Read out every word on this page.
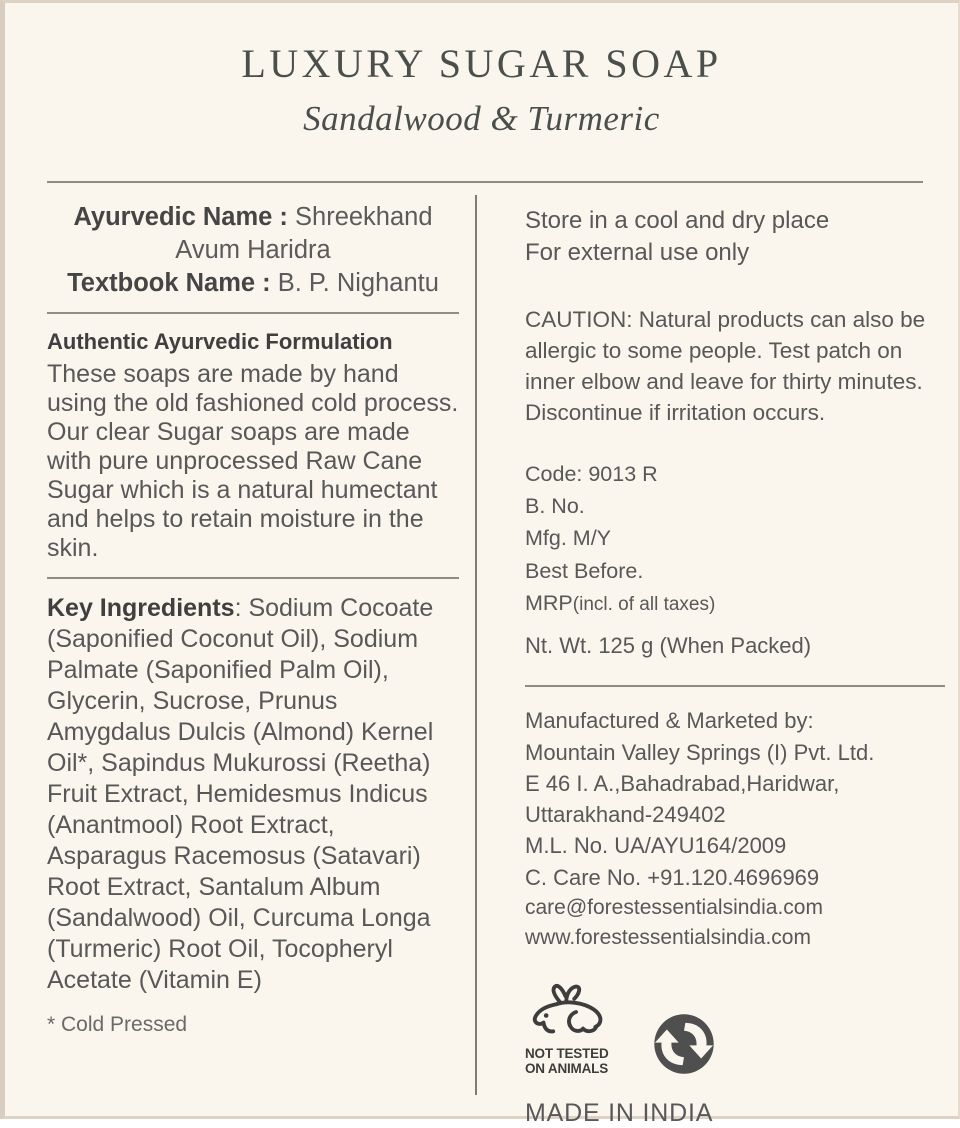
LUXURY SUGAR SOAP
Sandalwood & Turmeric
Ayurvedic Name : Shreekhand
Avum Haridra
Textbook Name : B. P. Nighantu
Authentic Ayurvedic Formulation
These soaps are made by hand using the old fashioned cold process. Our clear Sugar soaps are made with pure unprocessed Raw Cane Sugar which is a natural humectant and helps to retain moisture in the skin.
Key Ingredients: Sodium Cocoate (Saponified Coconut Oil), Sodium Palmate (Saponified Palm Oil), Glycerin, Sucrose, Prunus Amygdalus Dulcis (Almond) Kernel Oil*, Sapindus Mukurossi (Reetha) Fruit Extract, Hemidesmus Indicus (Anantmool) Root Extract, Asparagus Racemosus (Satavari) Root Extract, Santalum Album (Sandalwood) Oil, Curcuma Longa (Turmeric) Root Oil, Tocopheryl Acetate (Vitamin E)
* Cold Pressed
Store in a cool and dry place
For external use only
CAUTION: Natural products can also be allergic to some people. Test patch on inner elbow and leave for thirty minutes. Discontinue if irritation occurs.
Code: 9013 R
B. No.
Mfg. M/Y
Best Before.
MRP(incl. of all taxes)
Nt. Wt. 125 g (When Packed)
Manufactured & Marketed by:
Mountain Valley Springs (I) Pvt. Ltd.
E 46 I. A.,Bahadrabad,Haridwar,
Uttarakhand-249402
M.L. No. UA/AYU164/2009
C. Care No. +91.120.4696969
care@forestessentialsindia.com
www.forestessentialsindia.com
NOT TESTED
ON ANIMALS
MADE IN INDIA
